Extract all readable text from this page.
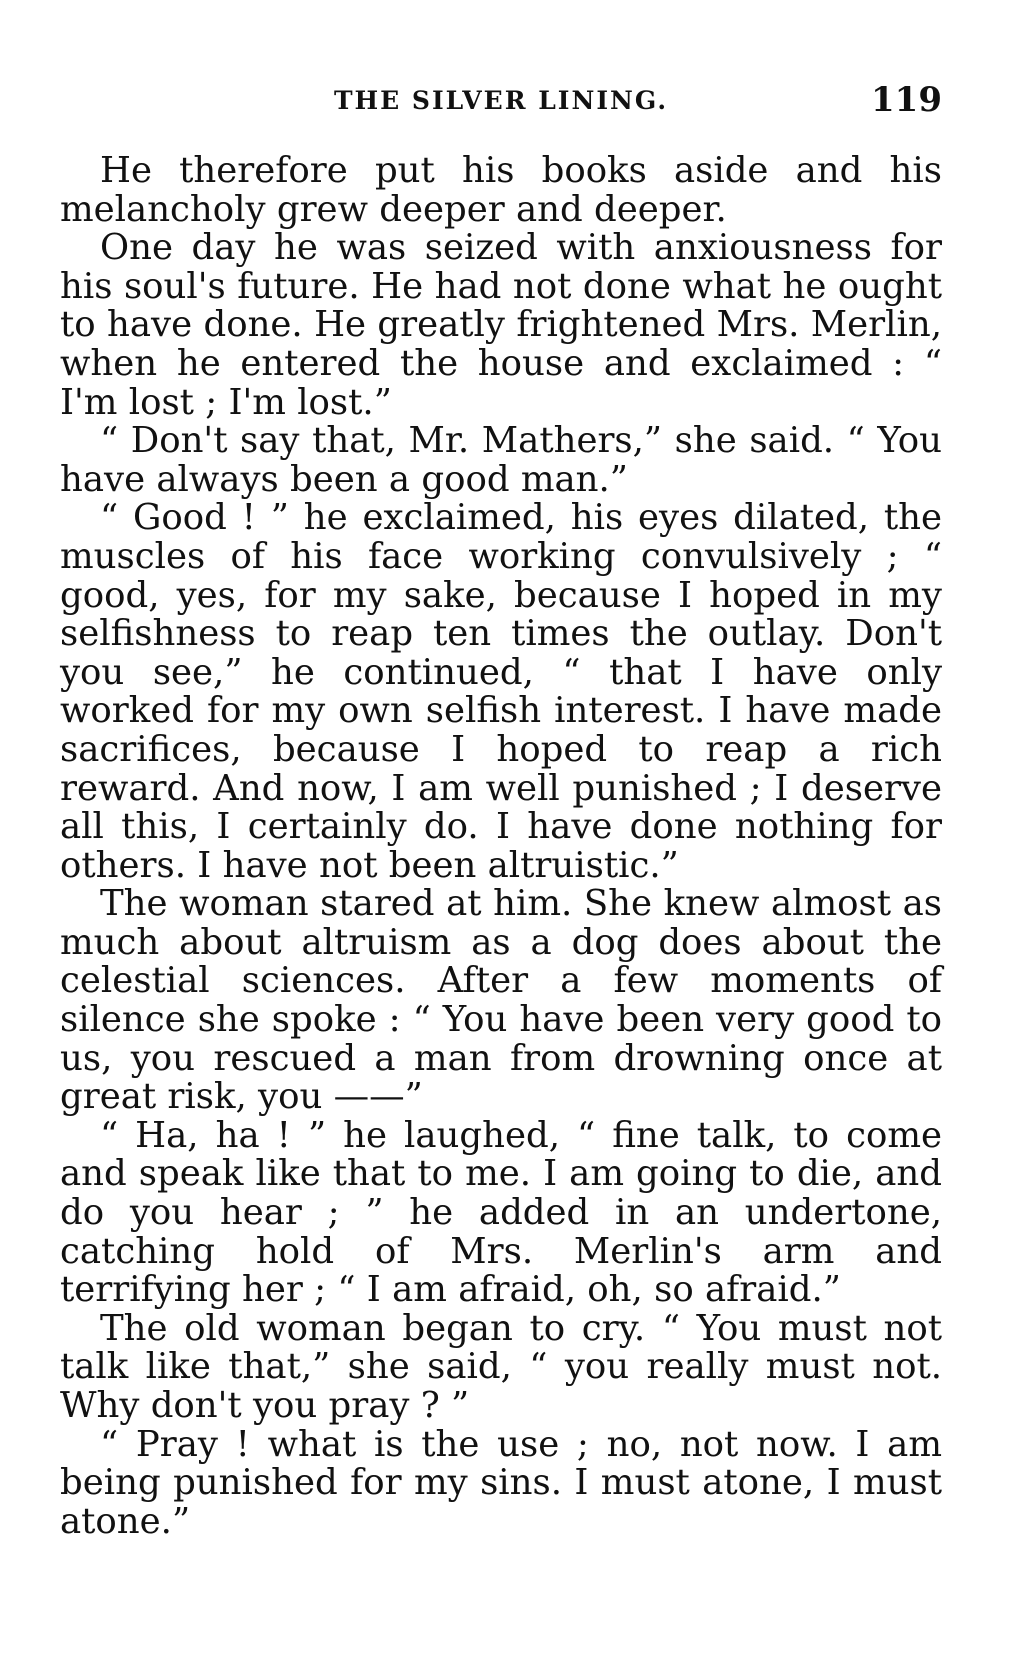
THE SILVER LINING.	119

He therefore put his books aside and his melancholy grew deeper and deeper.

One day he was seized with anxiousness for his soul's future. He had not done what he ought to have done. He greatly frightened Mrs. Merlin, when he entered the house and exclaimed : “ I'm lost ; I'm lost.”

“ Don't say that, Mr. Mathers,” she said. “ You have always been a good man.”

“ Good ! ” he exclaimed, his eyes dilated, the muscles of his face working convulsively ; “ good, yes, for my sake, because I hoped in my selfishness to reap ten times the outlay. Don't you see,” he continued, “ that I have only worked for my own selfish interest. I have made sacrifices, because I hoped to reap a rich reward. And now, I am well punished ; I deserve all this, I certainly do. I have done nothing for others. I have not been altruistic.”

The woman stared at him. She knew almost as much about altruism as a dog does about the celestial sciences. After a few moments of silence she spoke : “ You have been very good to us, you rescued a man from drowning once at great risk, you ——”

“ Ha, ha ! ” he laughed, “ fine talk, to come and speak like that to me. I am going to die, and do you hear ; ” he added in an undertone, catching hold of Mrs. Merlin's arm and terrifying her ; “ I am afraid, oh, so afraid.”

The old woman began to cry. “ You must not talk like that,” she said, “ you really must not. Why don't you pray ? ”

“ Pray ! what is the use ; no, not now. I am being punished for my sins. I must atone, I must atone.”
